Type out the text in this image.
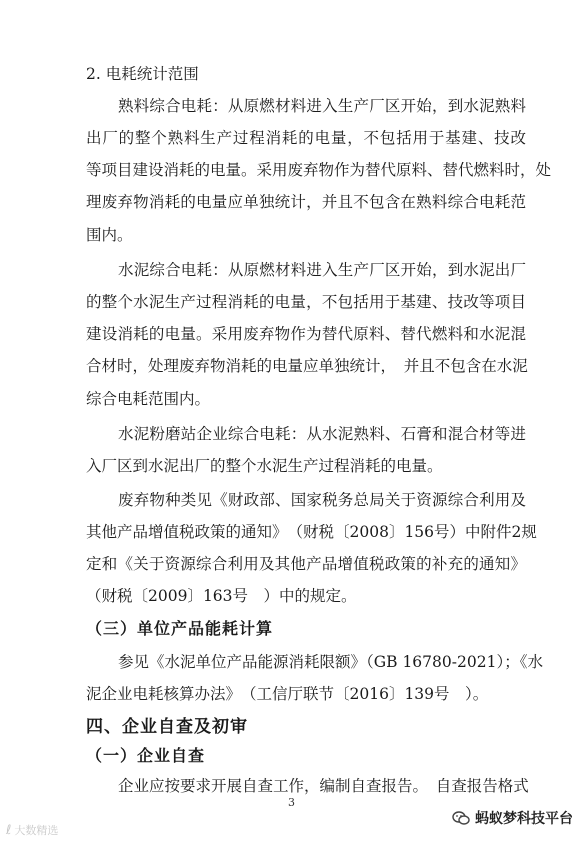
2. 电耗统计范围
熟料综合电耗：从原燃材料进入生产厂区开始，到水泥熟料
出厂的整个熟料生产过程消耗的电量，不包括用于基建、技改
等项目建设消耗的电量。采用废弃物作为替代原料、替代燃料时，处
理废弃物消耗的电量应单独统计，并且不包含在熟料综合电耗范
围内。
水泥综合电耗：从原燃材料进入生产厂区开始，到水泥出厂
的整个水泥生产过程消耗的电量，不包括用于基建、技改等项目
建设消耗的电量。采用废弃物作为替代原料、替代燃料和水泥混
合材时，处理废弃物消耗的电量应单独统计，　并且不包含在水泥
综合电耗范围内。
水泥粉磨站企业综合电耗：从水泥熟料、石膏和混合材等进
入厂区到水泥出厂的整个水泥生产过程消耗的电量。
废弃物种类见《财政部、国家税务总局关于资源综合利用及
其他产品增值税政策的通知》　（财税〔2008〕156号）中附件2规
定和《关于资源综合利用及其他产品增值税政策的补充的通知》
（财税〔2009〕163号　）中的规定。
（三）单位产品能耗计算
参见《水泥单位产品能源消耗限额》（GB 16780-2021）；《水
泥企业电耗核算办法》　（工信厅联节〔2016〕139号　）。
四、企业自查及初审
（一）企业自查
企业应按要求开展自查工作，编制自查报告。　自查报告格式
3
ℓ 大数精选
蚂蚁梦科技平台
